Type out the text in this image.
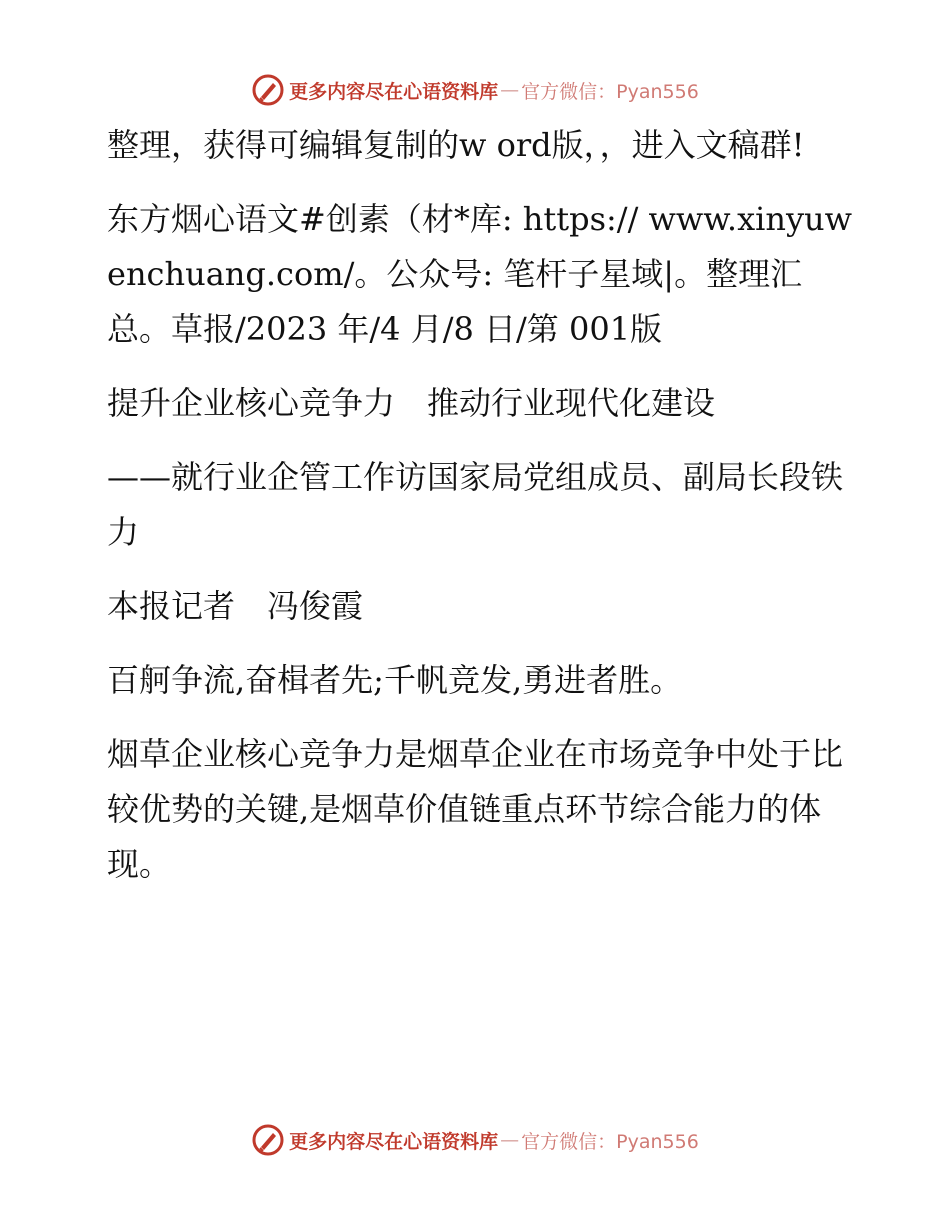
更多内容尽在心语资料库 — 官方微信：Pyan556

整理，获得可编辑复制的w ord版，，进入文稿群!

东方烟心语文#创素（材*库: https:// www.xinyuwenchuang.com/。公众号: 笔杆子星域|。整理汇总。草报/2023 年/4 月/8 日/第 001版

提升企业核心竞争力　推动行业现代化建设

——就行业企管工作访国家局党组成员、副局长段铁力

本报记者　冯俊霞

百舸争流,奋楫者先;千帆竞发,勇进者胜。

烟草企业核心竞争力是烟草企业在市场竞争中处于比较优势的关键,是烟草价值链重点环节综合能力的体现。

更多内容尽在心语资料库 — 官方微信：Pyan556
